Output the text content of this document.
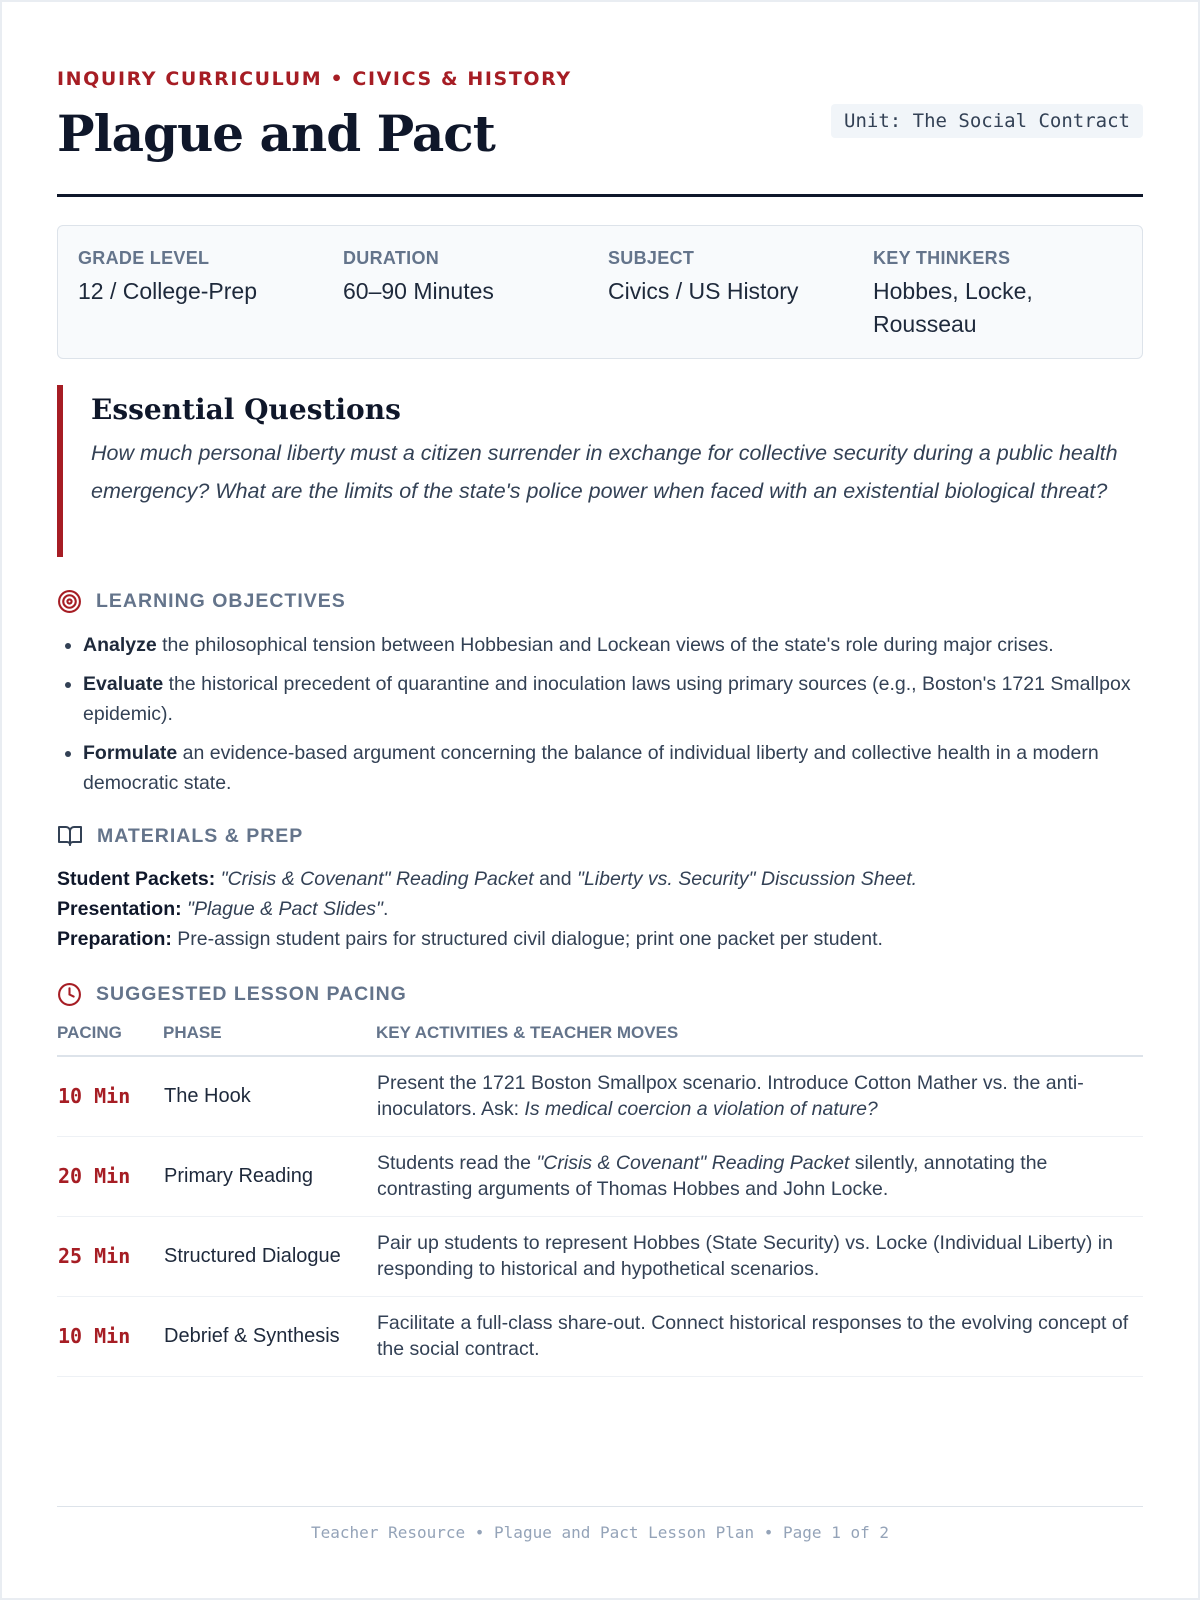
INQUIRY CURRICULUM • CIVICS & HISTORY
Plague and Pact	Unit: The Social Contract
GRADE LEVEL
12 / College-Prep
DURATION
60–90 Minutes
SUBJECT
Civics / US History
KEY THINKERS
Hobbes, Locke, Rousseau
Essential Questions
How much personal liberty must a citizen surrender in exchange for collective security during a public health emergency? What are the limits of the state's police power when faced with an existential biological threat?
LEARNING OBJECTIVES
• Analyze the philosophical tension between Hobbesian and Lockean views of the state's role during major crises.
• Evaluate the historical precedent of quarantine and inoculation laws using primary sources (e.g., Boston's 1721 Smallpox epidemic).
• Formulate an evidence-based argument concerning the balance of individual liberty and collective health in a modern democratic state.
MATERIALS & PREP
Student Packets: "Crisis & Covenant" Reading Packet and "Liberty vs. Security" Discussion Sheet.
Presentation: "Plague & Pact Slides".
Preparation: Pre-assign student pairs for structured civil dialogue; print one packet per student.
SUGGESTED LESSON PACING
PACING	PHASE	KEY ACTIVITIES & TEACHER MOVES
10 Min	The Hook	Present the 1721 Boston Smallpox scenario. Introduce Cotton Mather vs. the anti-inoculators. Ask: Is medical coercion a violation of nature?
20 Min	Primary Reading	Students read the "Crisis & Covenant" Reading Packet silently, annotating the contrasting arguments of Thomas Hobbes and John Locke.
25 Min	Structured Dialogue	Pair up students to represent Hobbes (State Security) vs. Locke (Individual Liberty) in responding to historical and hypothetical scenarios.
10 Min	Debrief & Synthesis	Facilitate a full-class share-out. Connect historical responses to the evolving concept of the social contract.
Teacher Resource • Plague and Pact Lesson Plan • Page 1 of 2
